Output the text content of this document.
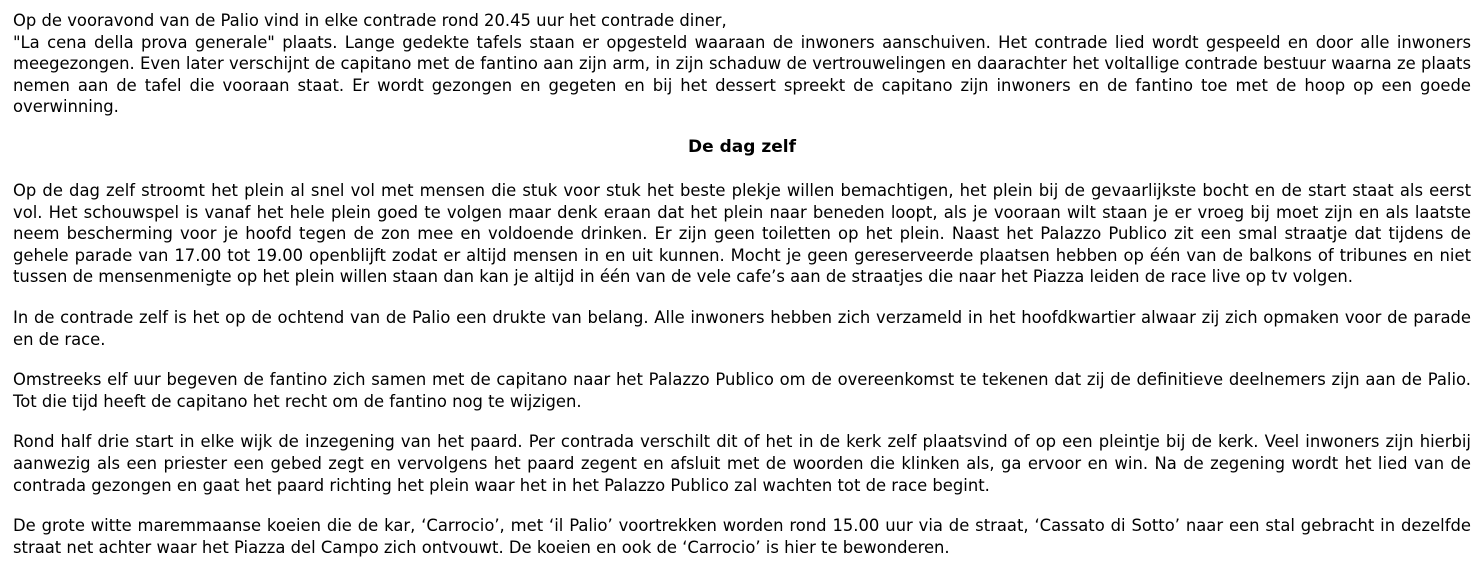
Op de vooravond van de Palio vind in elke contrade rond 20.45 uur het contrade diner,
"La cena della prova generale" plaats. Lange gedekte tafels staan er opgesteld waaraan de inwoners aanschuiven. Het contrade lied wordt gespeeld en door alle inwoners meegezongen. Even later verschijnt de capitano met de fantino aan zijn arm, in zijn schaduw de vertrouwelingen en daarachter het voltallige contrade bestuur waarna ze plaats nemen aan de tafel die vooraan staat. Er wordt gezongen en gegeten en bij het dessert spreekt de capitano zijn inwoners en de fantino toe met de hoop op een goede overwinning.

De dag zelf

Op de dag zelf stroomt het plein al snel vol met mensen die stuk voor stuk het beste plekje willen bemachtigen, het plein bij de gevaarlijkste bocht en de start staat als eerst vol. Het schouwspel is vanaf het hele plein goed te volgen maar denk eraan dat het plein naar beneden loopt, als je vooraan wilt staan je er vroeg bij moet zijn en als laatste neem bescherming voor je hoofd tegen de zon mee en voldoende drinken. Er zijn geen toiletten op het plein. Naast het Palazzo Publico zit een smal straatje dat tijdens de gehele parade van 17.00 tot 19.00 openblijft zodat er altijd mensen in en uit kunnen. Mocht je geen gereserveerde plaatsen hebben op één van de balkons of tribunes en niet tussen de mensenmenigte op het plein willen staan dan kan je altijd in één van de vele cafe’s aan de straatjes die naar het Piazza leiden de race live op tv volgen.

In de contrade zelf is het op de ochtend van de Palio een drukte van belang. Alle inwoners hebben zich verzameld in het hoofdkwartier alwaar zij zich opmaken voor de parade en de race.

Omstreeks elf uur begeven de fantino zich samen met de capitano naar het Palazzo Publico om de overeenkomst te tekenen dat zij de definitieve deelnemers zijn aan de Palio. Tot die tijd heeft de capitano het recht om de fantino nog te wijzigen.

Rond half drie start in elke wijk de inzegening van het paard. Per contrada verschilt dit of het in de kerk zelf plaatsvind of op een pleintje bij de kerk. Veel inwoners zijn hierbij aanwezig als een priester een gebed zegt en vervolgens het paard zegent en afsluit met de woorden die klinken als, ga ervoor en win. Na de zegening wordt het lied van de contrada gezongen en gaat het paard richting het plein waar het in het Palazzo Publico zal wachten tot de race begint.

De grote witte maremmaanse koeien die de kar, ‘Carrocio’, met ‘il Palio’ voortrekken worden rond 15.00 uur via de straat, ‘Cassato di Sotto’ naar een stal gebracht in dezelfde straat net achter waar het Piazza del Campo zich ontvouwt. De koeien en ook de ‘Carrocio’ is hier te bewonderen.
